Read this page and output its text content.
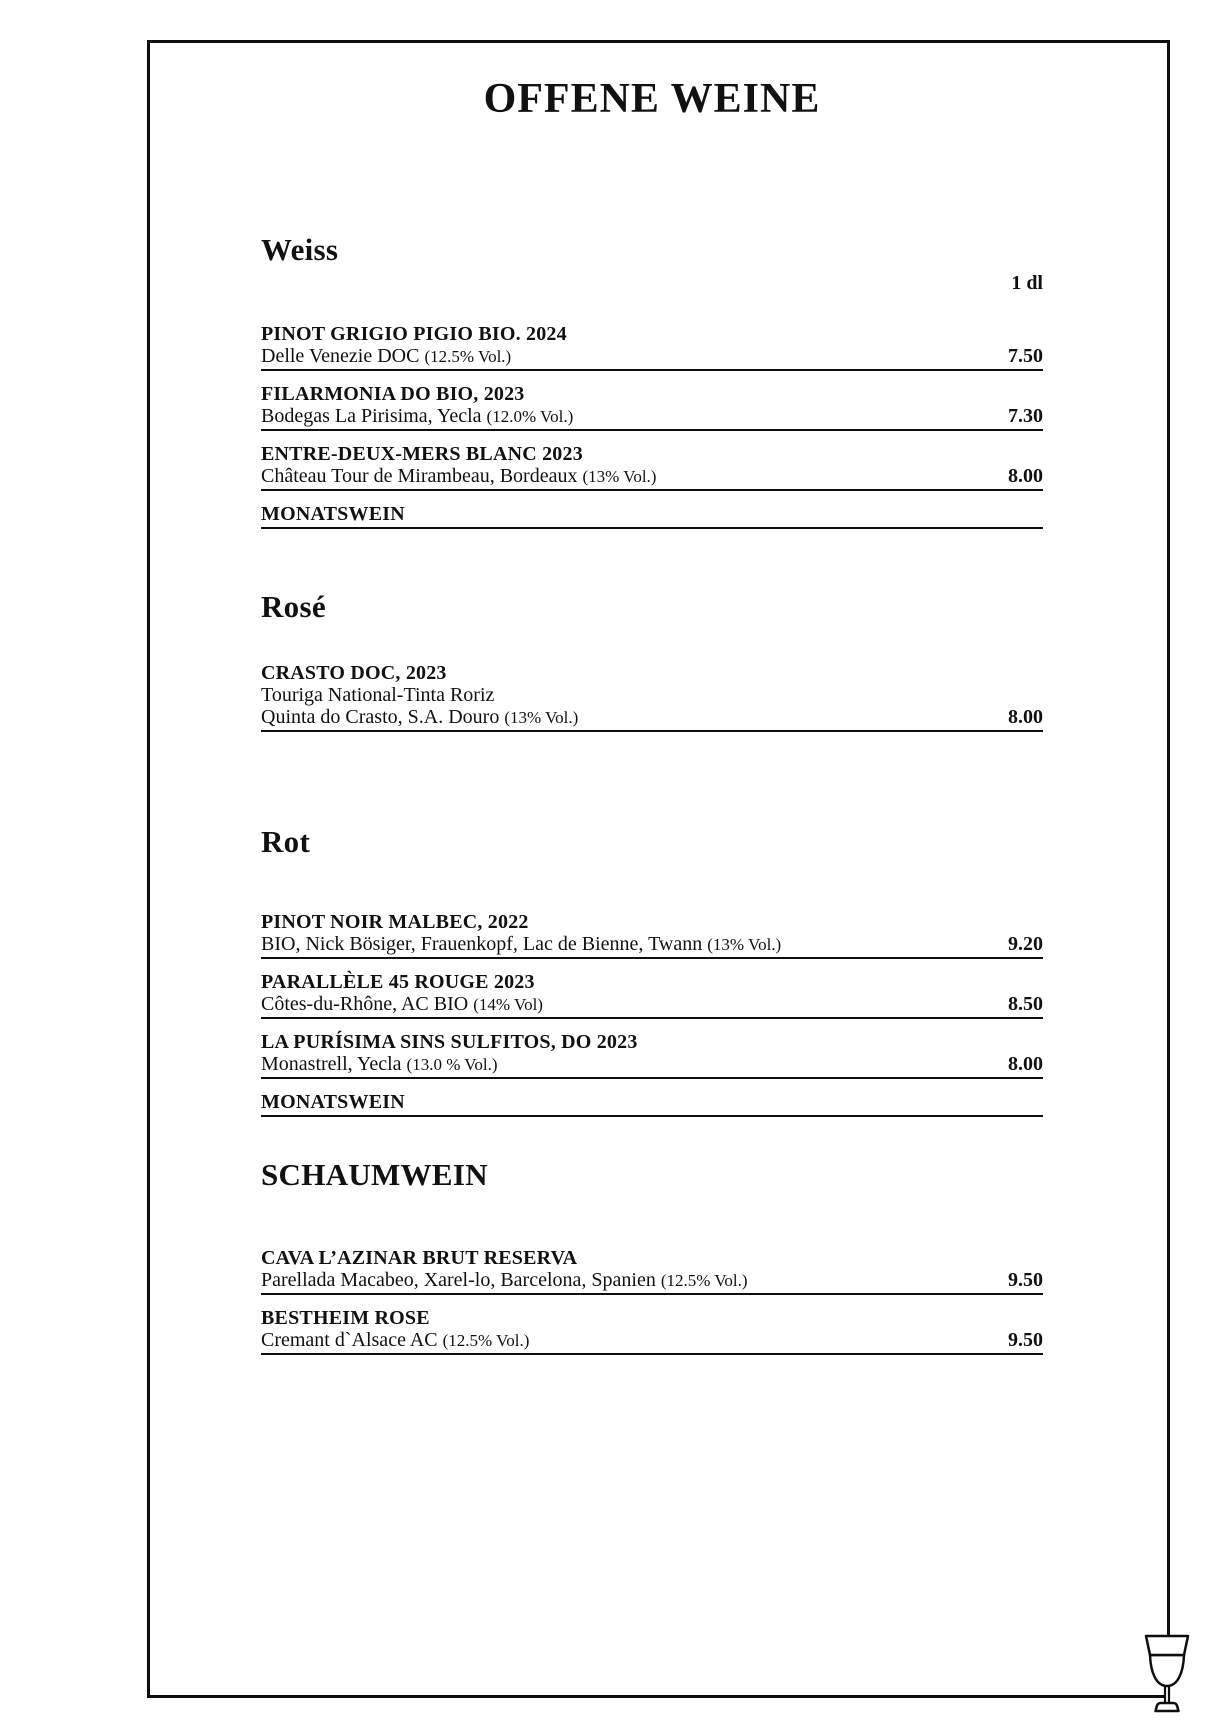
OFFENE WEINE
Weiss
1 dl
PINOT GRIGIO PIGIO BIO. 2024
Delle Venezie DOC (12.5% Vol.)	7.50
FILARMONIA DO BIO, 2023
Bodegas La Pirisima, Yecla (12.0% Vol.)	7.30
ENTRE-DEUX-MERS BLANC 2023
Château Tour de Mirambeau, Bordeaux (13% Vol.)	8.00
MONATSWEIN
Rosé
CRASTO DOC, 2023
Touriga National-Tinta Roriz
Quinta do Crasto, S.A. Douro (13% Vol.)	8.00
Rot
PINOT NOIR MALBEC, 2022
BIO, Nick Bösiger, Frauenkopf, Lac de Bienne, Twann (13% Vol.)	9.20
PARALLÈLE 45 ROUGE 2023
Côtes-du-Rhône, AC BIO (14% Vol)	8.50
LA PURÍSIMA SINS SULFITOS, DO 2023
Monastrell, Yecla (13.0 % Vol.)	8.00
MONATSWEIN
SCHAUMWEIN
CAVA L’AZINAR BRUT RESERVA
Parellada Macabeo, Xarel-lo, Barcelona, Spanien (12.5% Vol.)	9.50
BESTHEIM ROSE
Cremant d`Alsace AC (12.5% Vol.)	9.50
